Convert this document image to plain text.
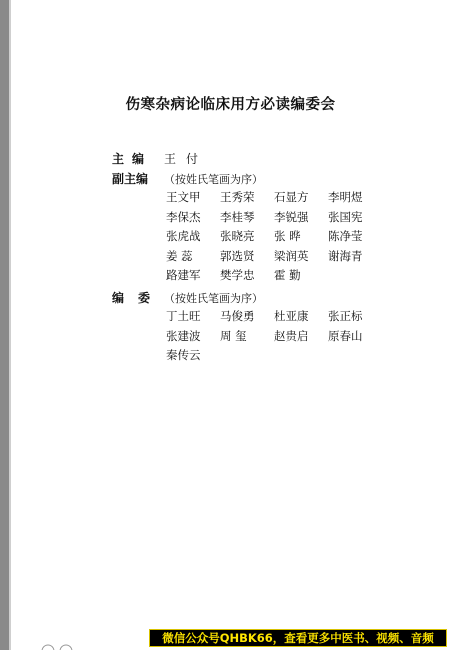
伤寒杂病论临床用方必读编委会
主编 王付
副主编 （按姓氏笔画为序）
王文甲	王秀荣	石显方	李明煜
李保杰	李桂琴	李锐强	张国宪
张虎战	张晓亮	张 晔	陈净莹
姜 蕊	郭选贤	梁润英	谢海青
路建军	樊学忠	霍 勤
编委 （按姓氏笔画为序）
丁土旺	马俊勇	杜亚康	张正标
张建波	周 玺	赵贵启	原春山
秦传云
微信公众号QHBK66，查看更多中医书、视频、音频
